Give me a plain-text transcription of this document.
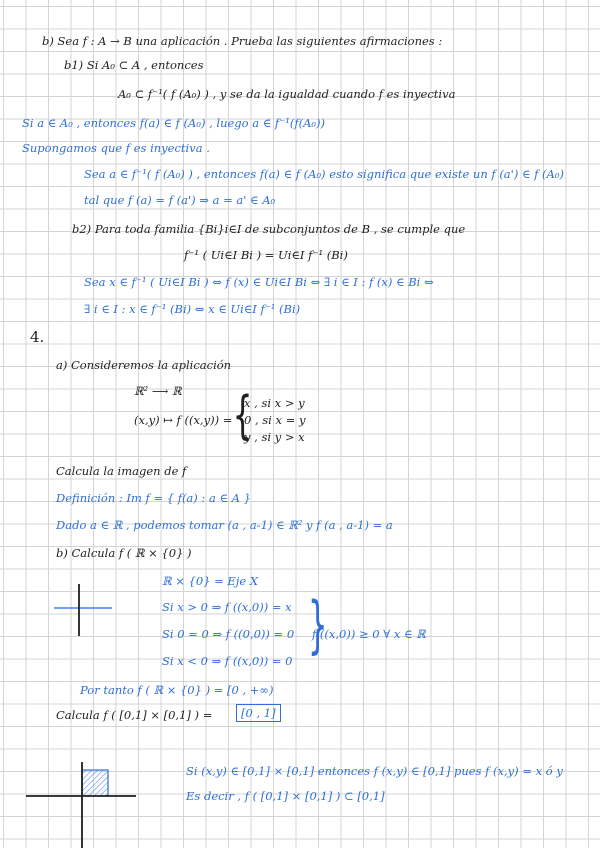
b) Sea f : A → B una aplicación . Prueba las siguientes afirmaciones :
b1) Si A₀ ⊂ A , entonces
A₀ ⊂ f⁻¹( f (A₀) ) , y se da la igualdad cuando f es inyectiva
Si a ∈ A₀ , entonces f(a) ∈ f (A₀) , luego a ∈ f⁻¹(f(A₀))
Supongamos que f es inyectiva .
Sea a ∈ f⁻¹( f (A₀) ) , entonces f(a) ∈ f (A₀) esto significa que existe un f (a') ∈ f (A₀)
tal que f (a) = f (a') ⇒ a = a' ∈ A₀
b2) Para toda familia {Bi}i∈I de subconjuntos de B , se cumple que
f⁻¹ ( Ui∈I Bi ) = Ui∈I f⁻¹ (Bi)
Sea x ∈ f⁻¹ ( Ui∈I Bi ) ⇔ f (x) ∈ Ui∈I Bi ⇔ ∃ i ∈ I : f (x) ∈ Bi ⇔
∃ i ∈ I : x ∈ f⁻¹ (Bi) ⇔ x ∈ Ui∈I f⁻¹ (Bi)
4.
a) Consideremos la aplicación
ℝ² ⟶ ℝ
(x,y) ↦ f ((x,y)) = {
x , si x > y
0 , si x = y
y , si y > x
Calcula la imagen de f
Definición : Im f = { f(a) : a ∈ A }
Dado a ∈ ℝ , podemos tomar (a , a-1) ∈ ℝ² y f (a , a-1) = a
b) Calcula f ( ℝ × {0} )
ℝ × {0} = Eje X
Si x > 0 ⇒ f ((x,0)) = x
Si 0 = 0 ⇒ f ((0,0)) = 0
Si x < 0 ⇒ f ((x,0)) = 0 }
f ((x,0)) ≥ 0 ∀ x ∈ ℝ
Por tanto f ( ℝ × {0} ) = [0 , +∞)
Calcula f ( [0,1] × [0,1] ) =	[0 , 1]
Si (x,y) ∈ [0,1] × [0,1] entonces f (x,y) ∈ [0,1] pues f (x,y) = x ó y
Es decir , f ( [0,1] × [0,1] ) ⊂ [0,1]
